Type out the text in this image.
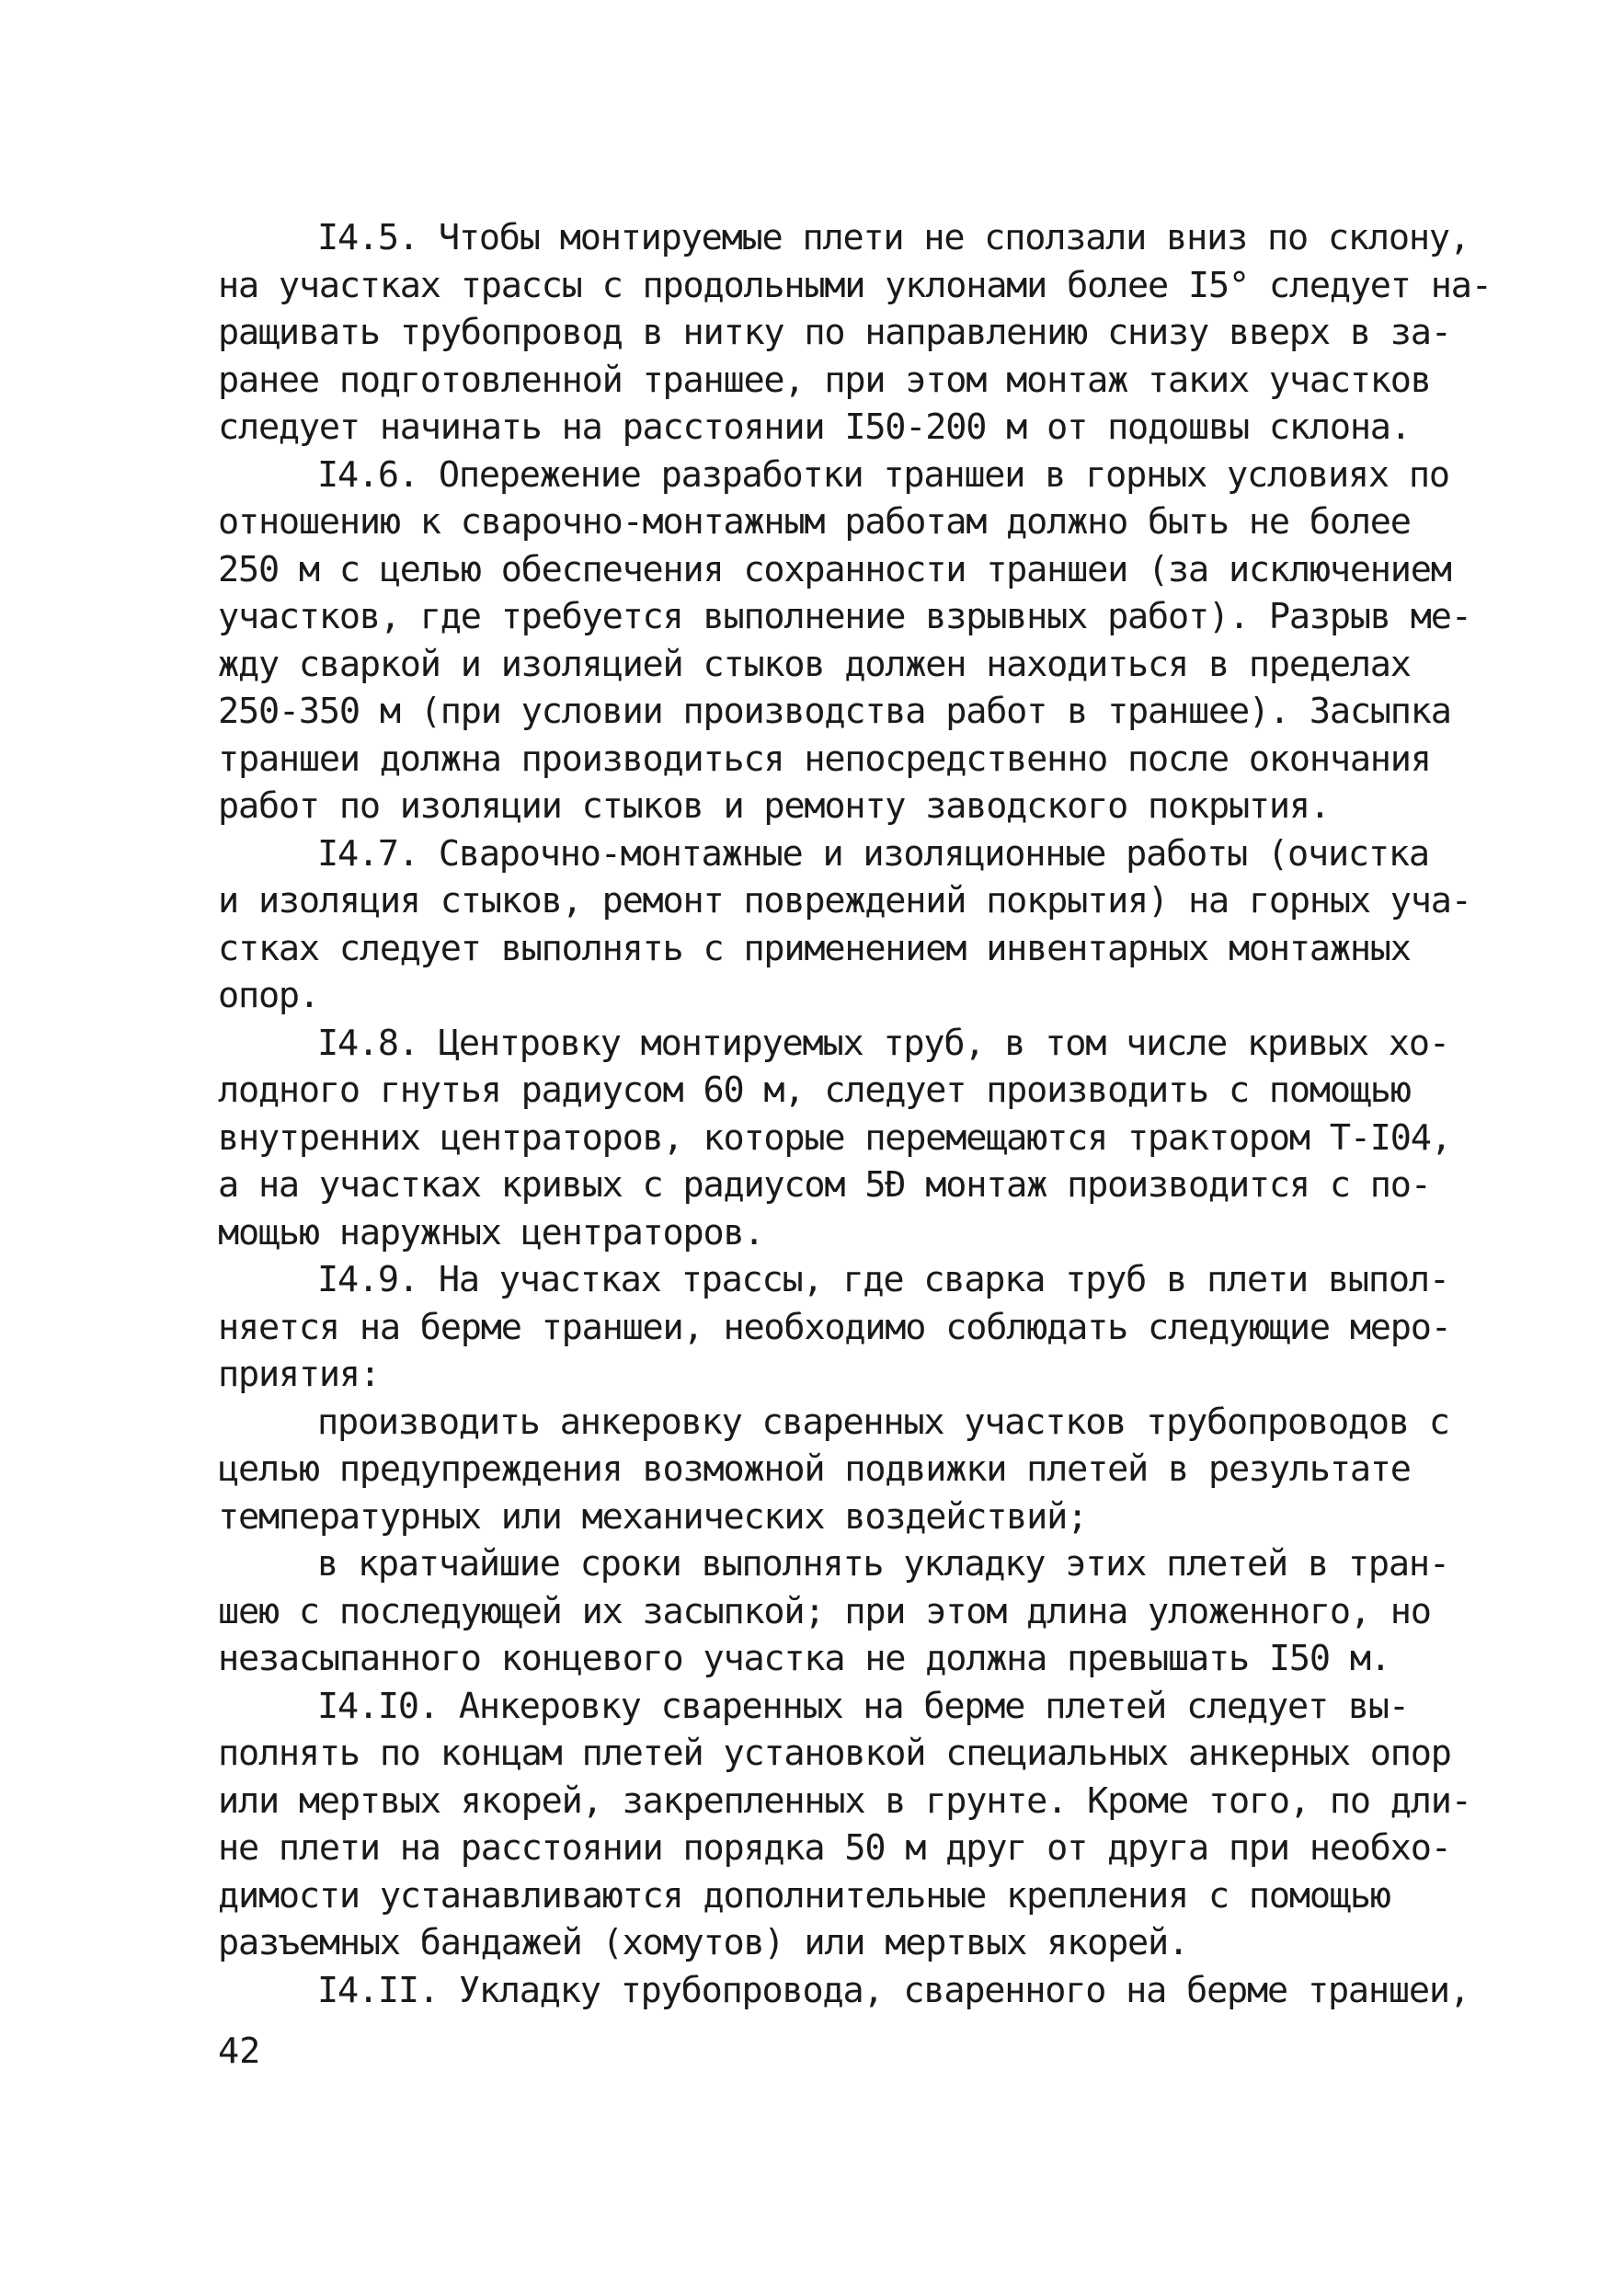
I4.5. Чтобы монтируемые плети не сползали вниз по склону,
на участках трассы с продольными уклонами более I5° следует на-
ращивать трубопровод в нитку по направлению снизу вверх в за-
ранее подготовленной траншее, при этом монтаж таких участков
следует начинать на расстоянии I50-200 м от подошвы склона.
I4.6. Опережение разработки траншеи в горных условиях по
отношению к сварочно-монтажным работам должно быть не более
250 м с целью обеспечения сохранности траншеи (за исключением
участков, где требуется выполнение взрывных работ). Разрыв ме-
жду сваркой и изоляцией стыков должен находиться в пределах
250-350 м (при условии производства работ в траншее). Засыпка
траншеи должна производиться непосредственно после окончания
работ по изоляции стыков и ремонту заводского покрытия.
I4.7. Сварочно-монтажные и изоляционные работы (очистка
и изоляция стыков, ремонт повреждений покрытия) на горных уча-
стках следует выполнять с применением инвентарных монтажных
опор.
I4.8. Центровку монтируемых труб, в том числе кривых хо-
лодного гнутья радиусом 60 м, следует производить с помощью
внутренних центраторов, которые перемещаются трактором Т-I04,
а на участках кривых с радиусом 5Ð монтаж производится с по-
мощью наружных центраторов.
I4.9. На участках трассы, где сварка труб в плети выпол-
няется на берме траншеи, необходимо соблюдать следующие меро-
приятия:
производить анкеровку сваренных участков трубопроводов с
целью предупреждения возможной подвижки плетей в результате
температурных или механических воздействий;
в кратчайшие сроки выполнять укладку этих плетей в тран-
шею с последующей их засыпкой; при этом длина уложенного, но
незасыпанного концевого участка не должна превышать I50 м.
I4.I0. Анкеровку сваренных на берме плетей следует вы-
полнять по концам плетей установкой специальных анкерных опор
или мертвых якорей, закрепленных в грунте. Кроме того, по дли-
не плети на расстоянии порядка 50 м друг от друга при необхо-
димости устанавливаются дополнительные крепления с помощью
разъемных бандажей (хомутов) или мертвых якорей.
I4.II. Укладку трубопровода, сваренного на берме траншеи,
42
